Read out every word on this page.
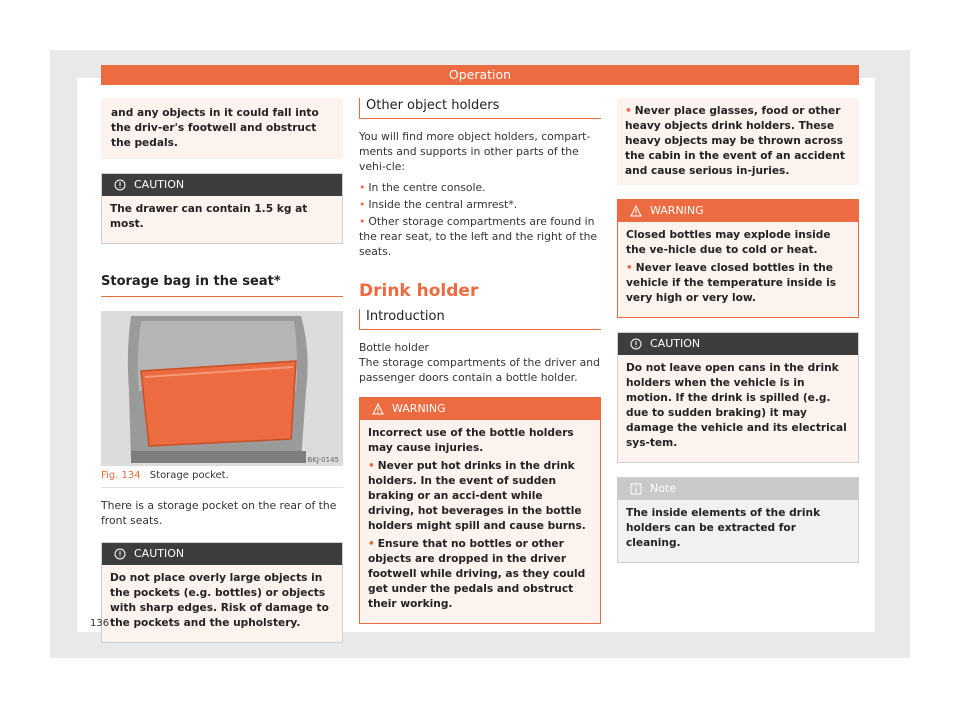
Operation

and any objects in it could fall into the driv-er's footwell and obstruct the pedals.

CAUTION

The drawer can contain 1.5 kg at most.

Storage bag in the seat*
BKJ-0145
Fig. 134 Storage pocket.

There is a storage pocket on the rear of the front seats.

CAUTION

Do not place overly large objects in the pockets (e.g. bottles) or objects with sharp edges. Risk of damage to the pockets and the upholstery.

Other object holders

You will find more object holders, compart-ments and supports in other parts of the vehi-cle:

• In the centre console.

• Inside the central armrest*.

• Other storage compartments are found in the rear seat, to the left and the right of the seats.

Drink holder
Introduction

Bottle holder

The storage compartments of the driver and passenger doors contain a bottle holder.

WARNING

Incorrect use of the bottle holders may cause injuries.

• Never put hot drinks in the drink holders. In the event of sudden braking or an acci-dent while driving, hot beverages in the bottle holders might spill and cause burns.

• Ensure that no bottles or other objects are dropped in the driver footwell while driving, as they could get under the pedals and obstruct their working.

• Never place glasses, food or other heavy objects drink holders. These heavy objects may be thrown across the cabin in the event of an accident and cause serious in-juries.

WARNING

Closed bottles may explode inside the ve-hicle due to cold or heat.

• Never leave closed bottles in the vehicle if the temperature inside is very high or very low.

CAUTION

Do not leave open cans in the drink holders when the vehicle is in motion. If the drink is spilled (e.g. due to sudden braking) it may damage the vehicle and its electrical sys-tem.

Note

The inside elements of the drink holders can be extracted for cleaning.

136
